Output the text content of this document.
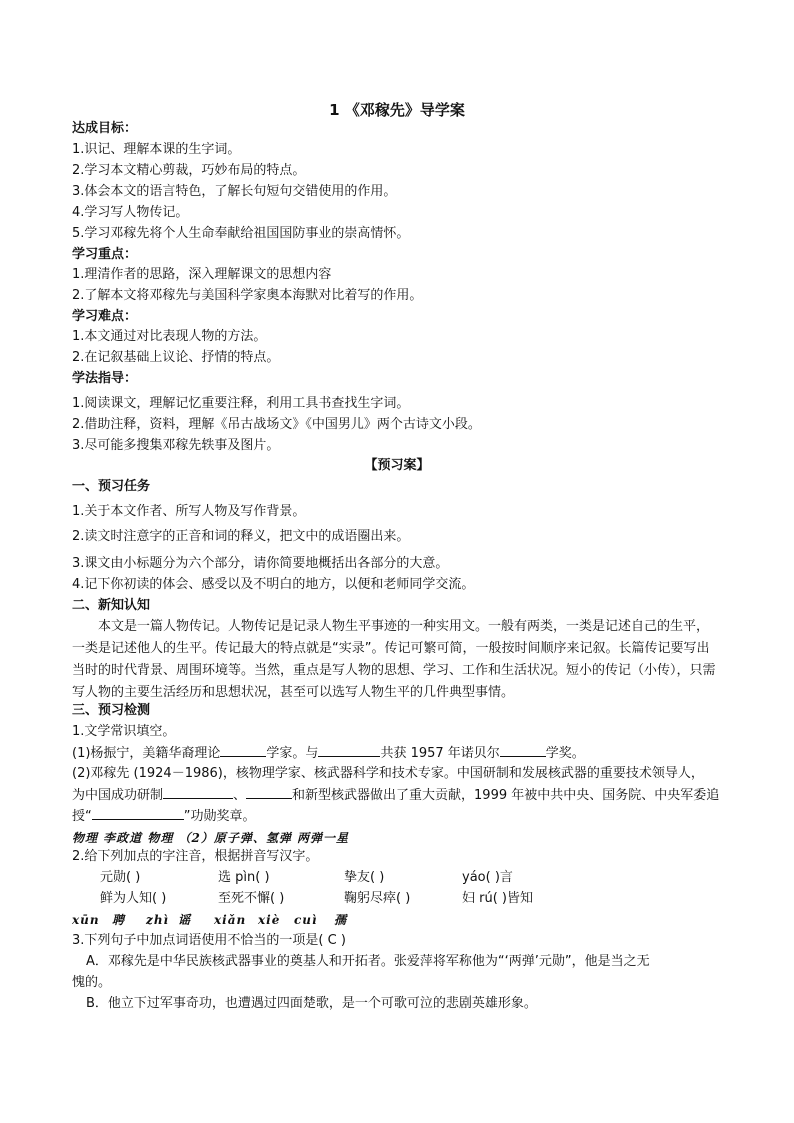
1 《邓稼先》导学案
达成目标：
1.识记、理解本课的生字词。
2.学习本文精心剪裁，巧妙布局的特点。
3.体会本文的语言特色，了解长句短句交错使用的作用。
4.学习写人物传记。
5.学习邓稼先将个人生命奉献给祖国国防事业的崇高情怀。
学习重点：
1.理清作者的思路，深入理解课文的思想内容
2.了解本文将邓稼先与美国科学家奥本海默对比着写的作用。
学习难点：
1.本文通过对比表现人物的方法。
2.在记叙基础上议论、抒情的特点。
学法指导：
1.阅读课文，理解记忆重要注释，利用工具书查找生字词。
2.借助注释，资料，理解《吊古战场文》《中国男儿》两个古诗文小段。
3.尽可能多搜集邓稼先轶事及图片。
【预习案】
一、预习任务
1.关于本文作者、所写人物及写作背景。
2.读文时注意字的正音和词的释义，把文中的成语圈出来。
3.课文由小标题分为六个部分，请你简要地概括出各部分的大意。
4.记下你初读的体会、感受以及不明白的地方，以便和老师同学交流。
二、新知认知
本文是一篇人物传记。人物传记是记录人物生平事迹的一种实用文。一般有两类，一类是记述自己的生平，一类是记述他人的生平。传记最大的特点就是“实录”。传记可繁可简，一般按时间顺序来记叙。长篇传记要写出当时的时代背景、周围环境等。当然，重点是写人物的思想、学习、工作和生活状况。短小的传记（小传），只需写人物的主要生活经历和思想状况，甚至可以选写人物生平的几件典型事情。
三、预习检测
1.文学常识填空。
(1)杨振宁，美籍华裔理论	学家。与	共获 1957 年诺贝尔	学奖。
(2)邓稼先 (1924－1986)，核物理学家、核武器科学和技术专家。中国研制和发展核武器的重要技术领导人，
为中国成功研制	、	和新型核武器做出了重大贡献，1999 年被中共中央、国务院、中央军委追
授“	”功勋奖章。
物理 李政道 物理 （2）原子弹、氢弹 两弹一星
2.给下列加点的字注音，根据拼音写汉字。
元勋( )	选 pìn( )	挚友( )	yáo( )言
鲜为人知( )	至死不懈( )	鞠躬尽瘁( )	妇 rú( )皆知
xūn 聘 zhì 谣 xiǎn xiè cuì 孺
3.下列句子中加点词语使用不恰当的一项是( C )
A．邓稼先是中华民族核武器事业的奠基人和开拓者。张爱萍将军称他为“‘两弹’元勋”，他是当之无
愧的。
B．他立下过军事奇功，也遭遇过四面楚歌，是一个可歌可泣的悲剧英雄形象。
